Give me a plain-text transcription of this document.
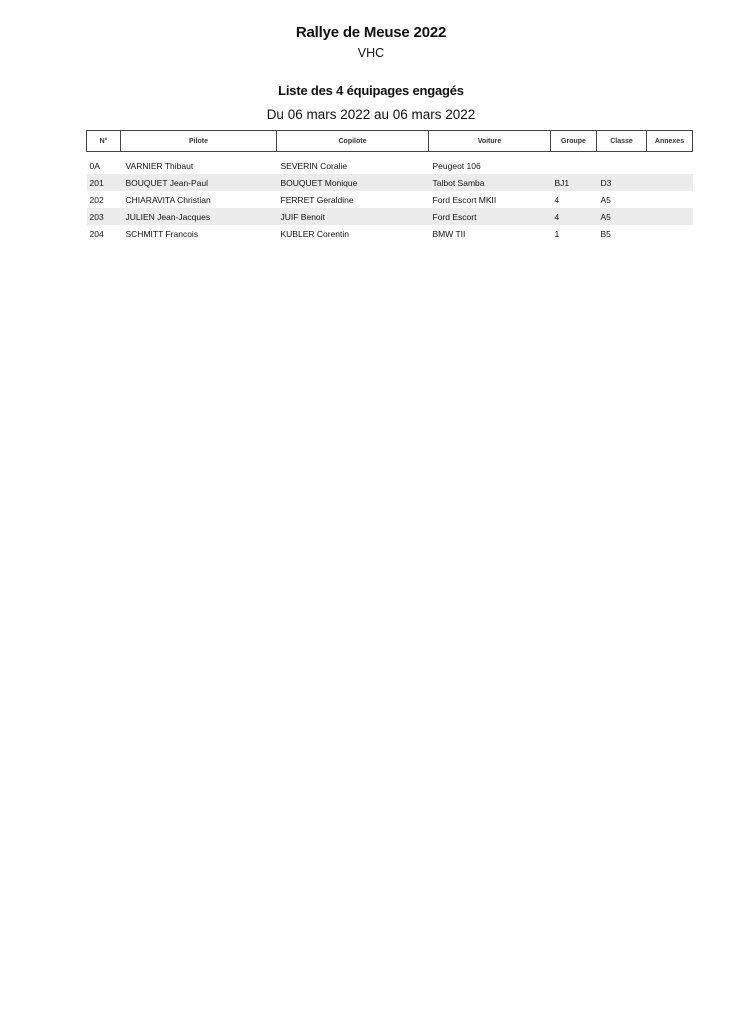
Rallye de Meuse 2022
VHC
Liste des 4 équipages engagés
Du 06 mars 2022 au 06 mars 2022
N°	Pilote	Copilote	Voiture	Groupe	Classe	Annexes

0A	VARNIER Thibaut	SEVERIN Coralie	Peugeot 106			
201	BOUQUET Jean-Paul	BOUQUET Monique	Talbot Samba	BJ1	D3	
202	CHIARAVITA Christian	FERRET Geraldine	Ford Escort MKII	4	A5	
203	JULIEN Jean-Jacques	JUIF Benoit	Ford Escort	4	A5	
204	SCHMITT Francois	KUBLER Corentin	BMW TII	1	B5	
